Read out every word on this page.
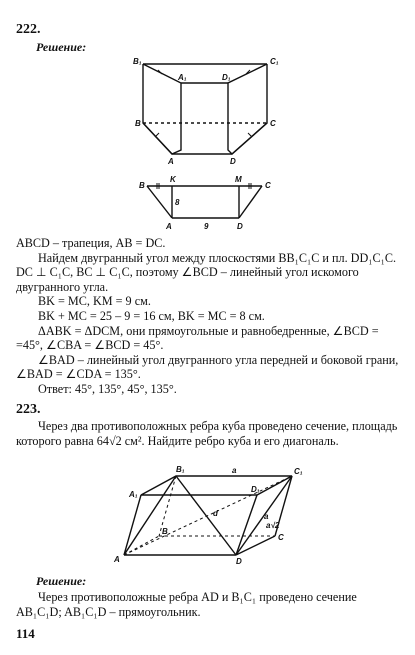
222.
Решение:
B₁	C₁
A₁	D₁
B	C
A	D
B
K	M
C
A	D
8
9

ABCD – трапеция, AB = DC.

Найдем двугранный угол между плоскостями BB₁C₁C и пл. DD₁C₁C. DC ⊥ C₁C, BC ⊥ C₁C, поэтому ∠BCD – линейный угол искомого двугранного угла.

BK = MC, KM = 9 см.

BK + MC = 25 – 9 = 16 см, BK = MC = 8 см.

ΔABK = ΔDCM, они прямоугольные и равнобедренные, ∠BCD = =45°, ∠CBA = ∠BCD = 45°.

∠BAD – линейный угол двугранного угла передней и боковой грани, ∠BAD = ∠CDA = 135°.

Ответ: 45°, 135°, 45°, 135°.

223.
Через два противоположных ребра куба проведено сечение, площадь которого равна 64√2 см². Найдите ребро куба и его диагональ.
B₁	C₁
A₁
D₁
a
d	a
a√2
B
C
A	D
Решение:
Через противоположные ребра AD и B₁C₁ проведено сечение AB₁C₁D; AB₁C₁D – прямоугольник.
114
